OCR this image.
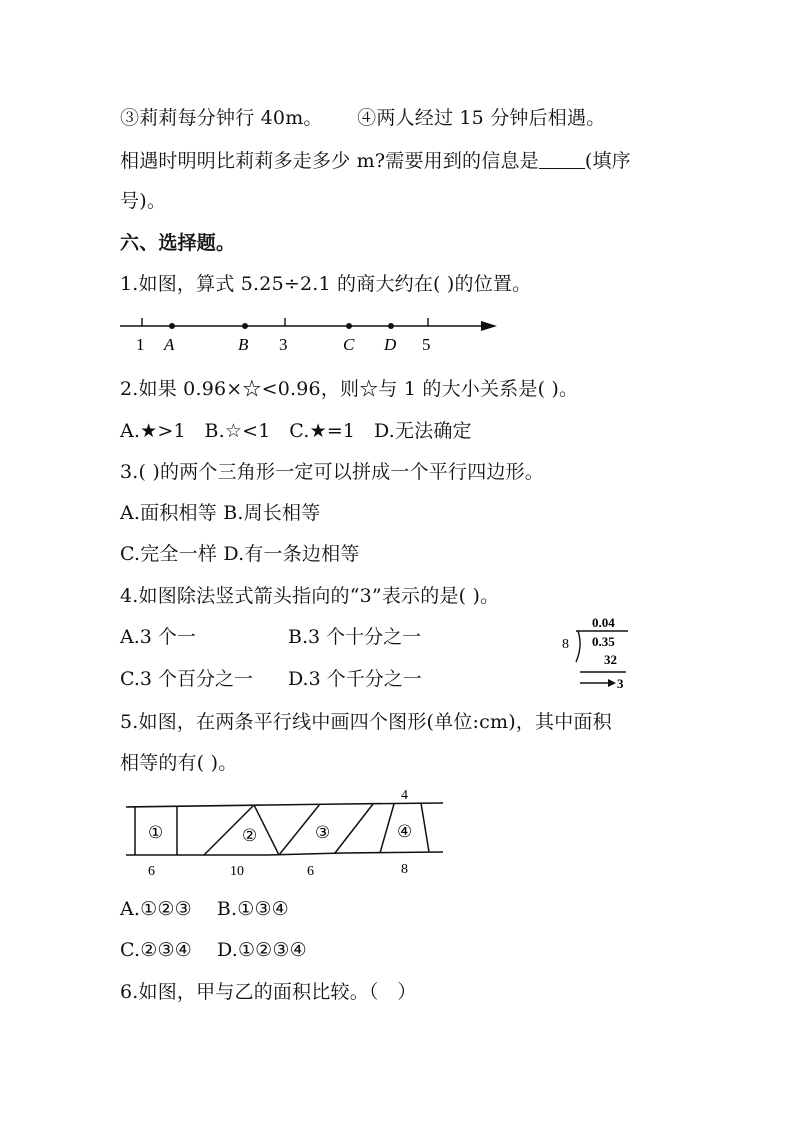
③莉莉每分钟行 40m。 ④两人经过 15 分钟后相遇。
相遇时明明比莉莉多走多少 m?需要用到的信息是 (填序
号)。
六、选择题。
1.如图，算式 5.25÷2.1 的商大约在( )的位置。
1	3	5
A	B	C D
2.如果 0.96×☆<0.96，则☆与 1 的大小关系是( )。
A.★>1   B.☆<1   C.★=1   D.无法确定
3.( )的两个三角形一定可以拼成一个平行四边形。
A.面积相等 B.周长相等
C.完全一样 D.有一条边相等
4.如图除法竖式箭头指向的“3”表示的是( )。
A.3 个一	B.3 个十分之一
C.3 个百分之一 D.3 个千分之一
0.04
8 0.35
32
3
5.如图，在两条平行线中画四个图形(单位:cm)，其中面积
相等的有( )。
①	②	③	④
4
6	10	6	8
A.①②③    B.①③④
C.②③④    D.①②③④
6.如图，甲与乙的面积比较。（   ）
